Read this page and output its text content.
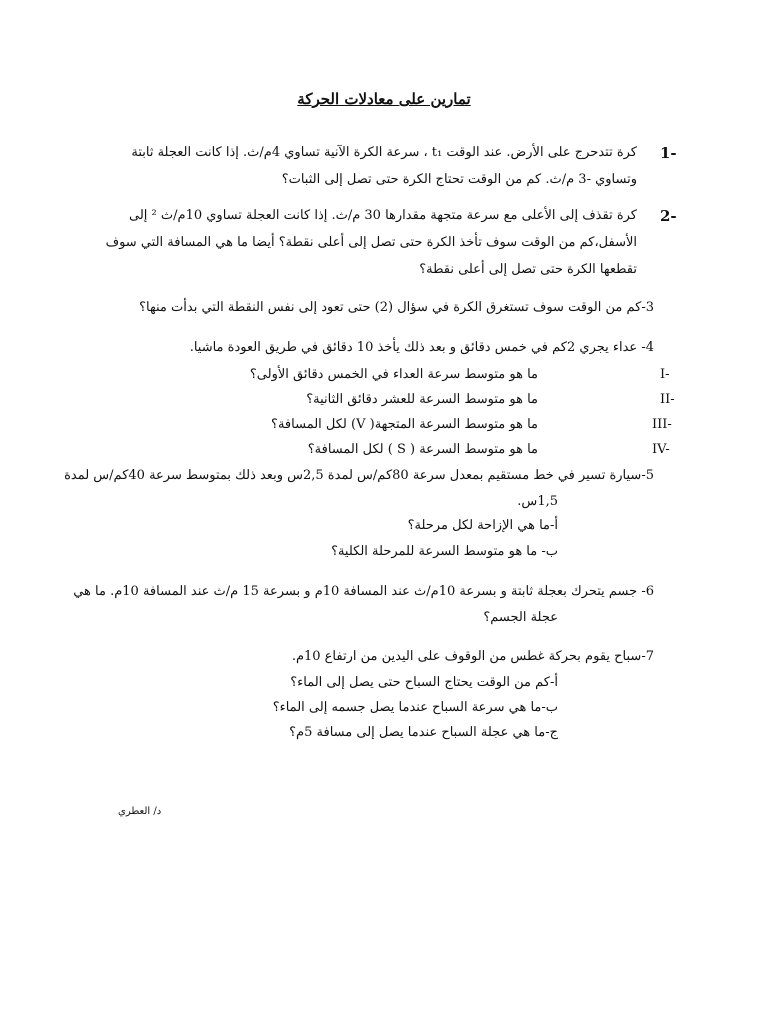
تمارين على معادلات الحركة
1-
كرة تتدحرج على الأرض. عند الوقت t₁ ، سرعة الكرة الآنية تساوي 4م/ث. إذا كانت العجلة ثابتة
وتساوي -3 م/ث. كم من الوقت تحتاج الكرة حتى تصل إلى الثبات؟
2-
كرة تقذف إلى الأعلى مع سرعة متجهة مقدارها 30 م/ث. إذا كانت العجلة تساوي 10م/ث ² إلى
الأسفل،كم من الوقت سوف تأخذ الكرة حتى تصل إلى أعلى نقطة؟ أيضا ما هي المسافة التي سوف
تقطعها الكرة حتى تصل إلى أعلى نقطة؟
3-كم من الوقت سوف تستغرق الكرة في سؤال (2) حتى تعود إلى نفس النقطة التي بدأت منها؟
4- عداء يجري 2كم في خمس دقائق و بعد ذلك يأخذ 10 دقائق في طريق العودة ماشيا.
I-
ما هو متوسط سرعة العداء في الخمس دقائق الأولى؟
II-
ما هو متوسط السرعة للعشر دقائق الثانية؟
III-
ما هو متوسط السرعة المتجهة( V) لكل المسافة؟
IV-
ما هو متوسط السرعة ( S ) لكل المسافة؟
5-سيارة تسير في خط مستقيم بمعدل سرعة 80كم/س لمدة 2,5س وبعد ذلك بمتوسط سرعة 40كم/س لمدة
1,5س.
أ-ما هي الإزاحة لكل مرحلة؟
ب- ما هو متوسط السرعة للمرحلة الكلية؟
6- جسم يتحرك بعجلة ثابتة و بسرعة 10م/ث عند المسافة 10م و بسرعة 15 م/ث عند المسافة 10م. ما هي
عجلة الجسم؟
7-سباح يقوم بحركة غطس من الوقوف على اليدين من ارتفاع 10م.
أ-كم من الوقت يحتاج السباح حتى يصل إلى الماء؟
ب-ما هي سرعة السباح عندما يصل جسمه إلى الماء؟
ج-ما هي عجلة السباح عندما يصل إلى مسافة 5م؟
د/ العطري
